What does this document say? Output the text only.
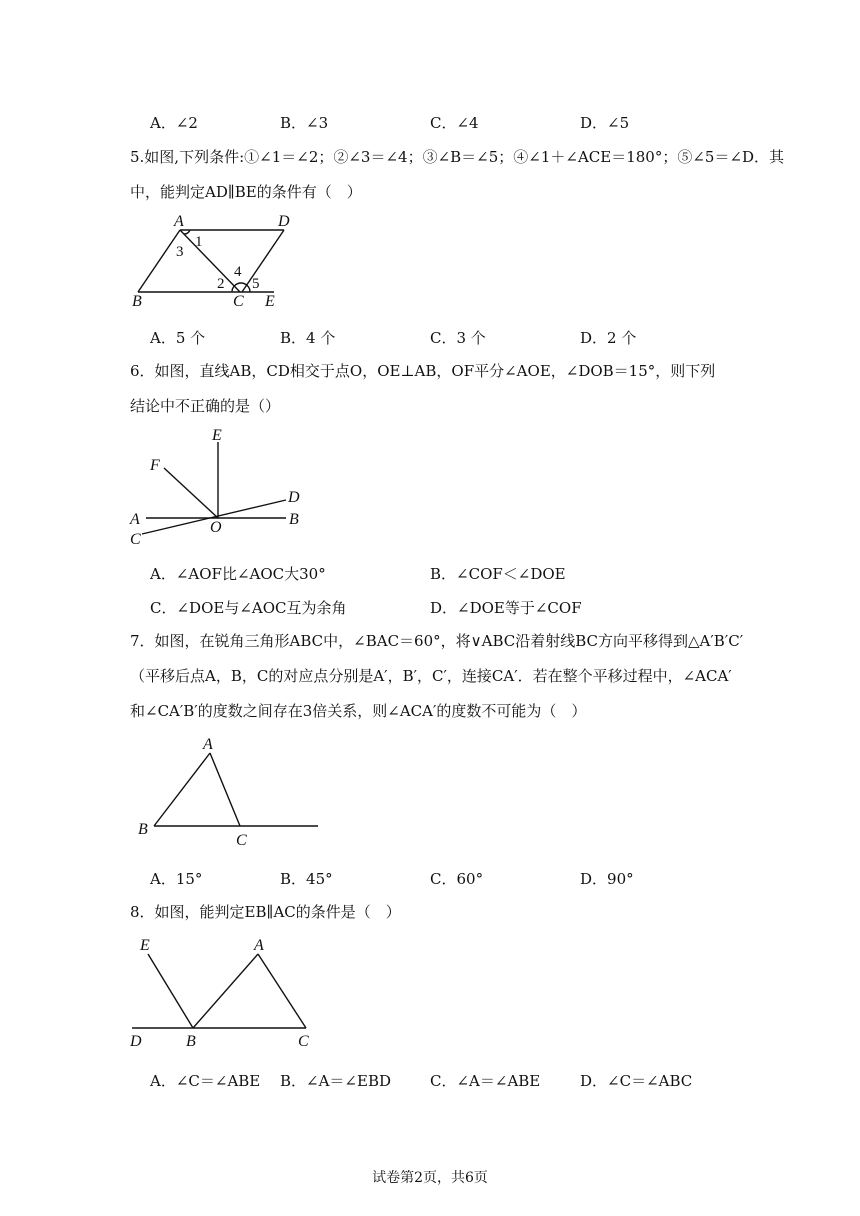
A．∠2	B．∠3	C．∠4	D．∠5
5.如图,下列条件:①∠1＝∠2；②∠3＝∠4；③∠B＝∠5；④∠1＋∠ACE＝180°；⑤∠5＝∠D．其
中，能判定AD∥BE的条件有（　）
A	D
B	C E
1
2
3
4
5
A．5 个	B．4 个	C．3 个	D．2 个
6．如图，直线AB，CD相交于点O，OE⊥AB，OF平分∠AOE，∠DOB＝15°，则下列
结论中不正确的是（）
E
F
D
A	O	B
C
A．∠AOF比∠AOC大30°	B．∠COF＜∠DOE
C．∠DOE与∠AOC互为余角	D．∠DOE等于∠COF
7．如图，在锐角三角形ABC中，∠BAC＝60°，将∨ABC沿着射线BC方向平移得到△A′B′C′
（平移后点A，B，C的对应点分别是A′，B′，C′，连接CA′．若在整个平移过程中，∠ACA′
和∠CA′B′的度数之间存在3倍关系，则∠ACA′的度数不可能为（　）
A
B
C
A．15°	B．45°	C．60°	D．90°
8．如图，能判定EB∥AC的条件是（　）
E	A
D	B	C
A．∠C＝∠ABE B．∠A＝∠EBD	C．∠A＝∠ABE	D．∠C＝∠ABC
试卷第2页，共6页
